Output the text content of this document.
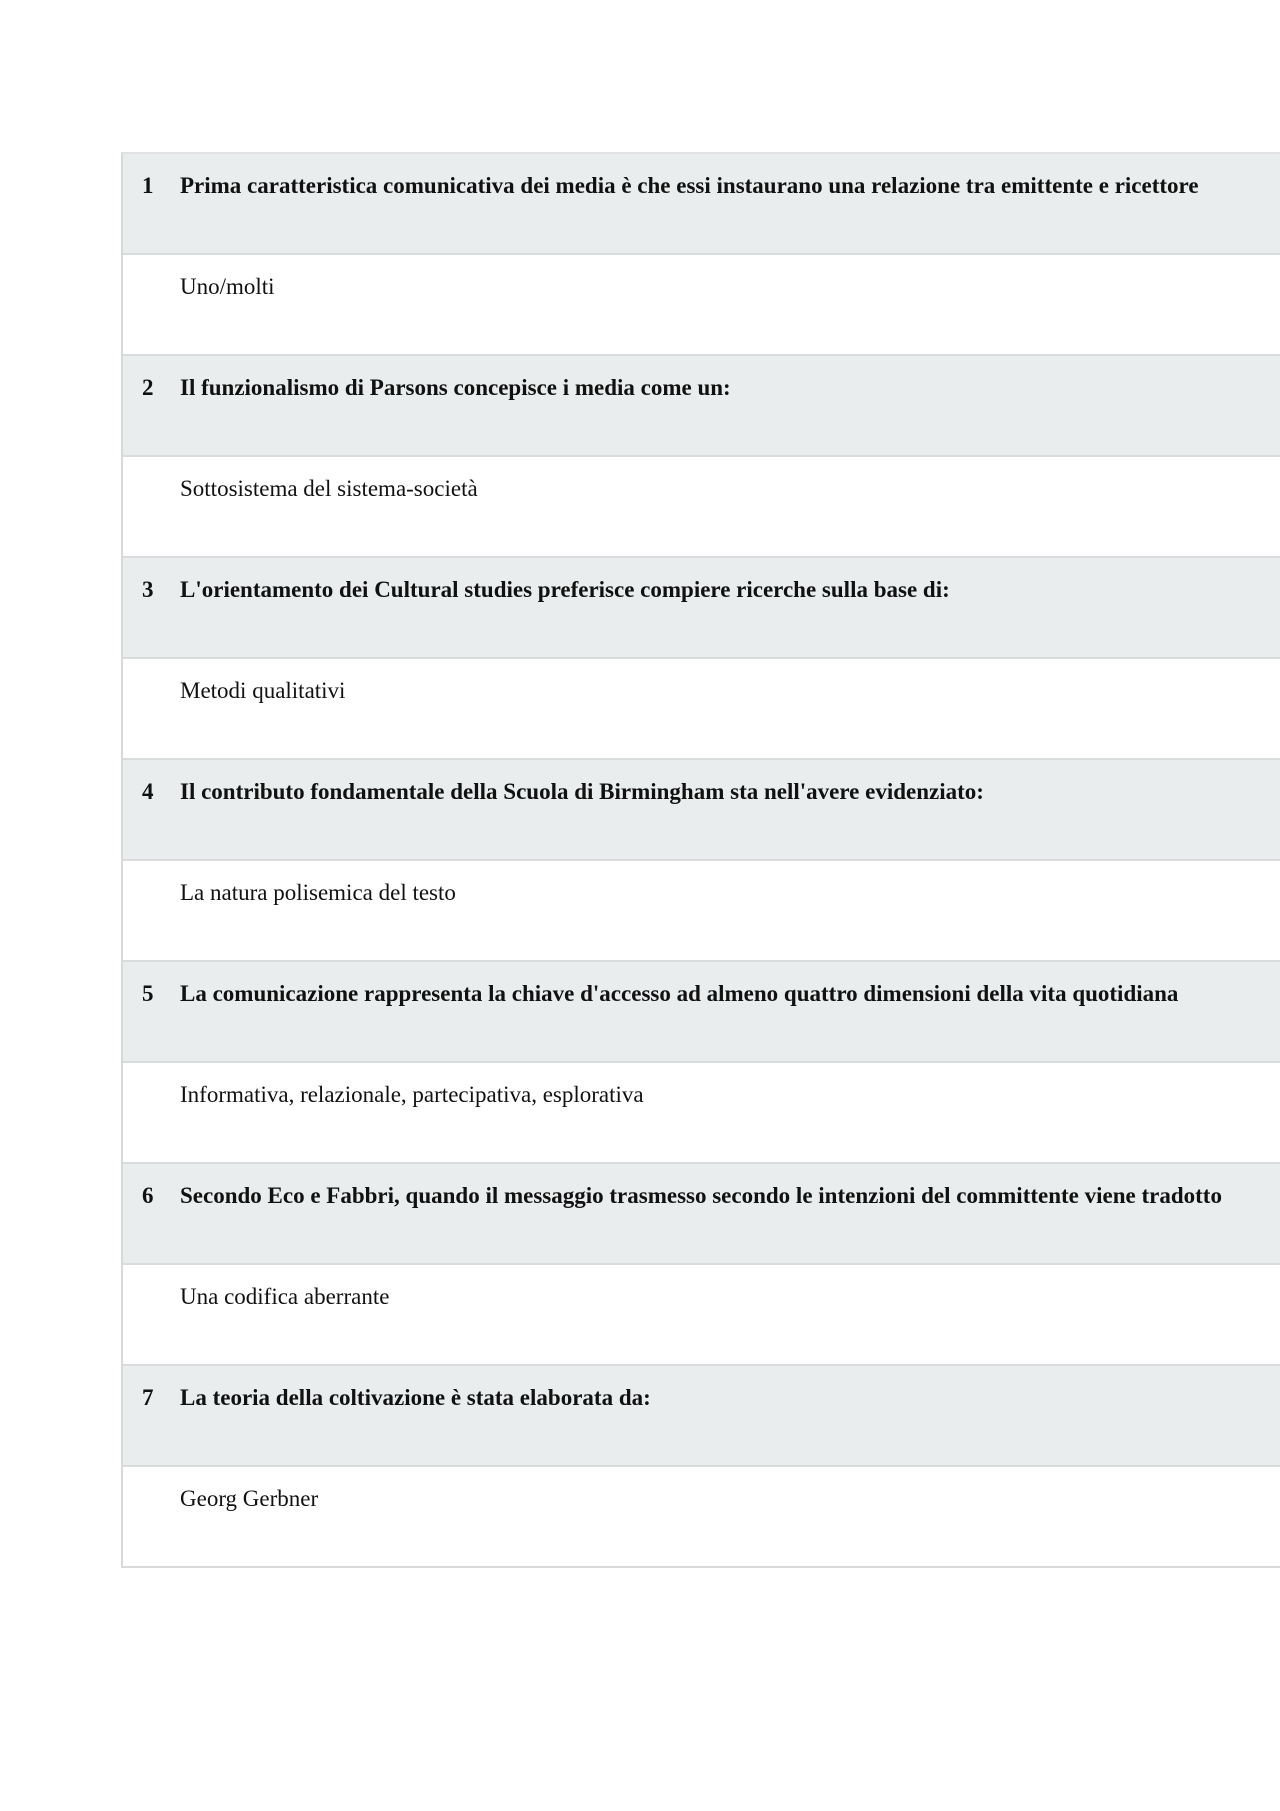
1 Prima caratteristica comunicativa dei media è che essi instaurano una relazione tra emittente e ricettore
Uno/molti
2 Il funzionalismo di Parsons concepisce i media come un:
Sottosistema del sistema-società
3 L'orientamento dei Cultural studies preferisce compiere ricerche sulla base di:
Metodi qualitativi
4 Il contributo fondamentale della Scuola di Birmingham sta nell'avere evidenziato:
La natura polisemica del testo
5 La comunicazione rappresenta la chiave d'accesso ad almeno quattro dimensioni della vita quotidiana
Informativa, relazionale, partecipativa, esplorativa
6 Secondo Eco e Fabbri, quando il messaggio trasmesso secondo le intenzioni del committente viene tradotto
Una codifica aberrante
7 La teoria della coltivazione è stata elaborata da:
Georg Gerbner
